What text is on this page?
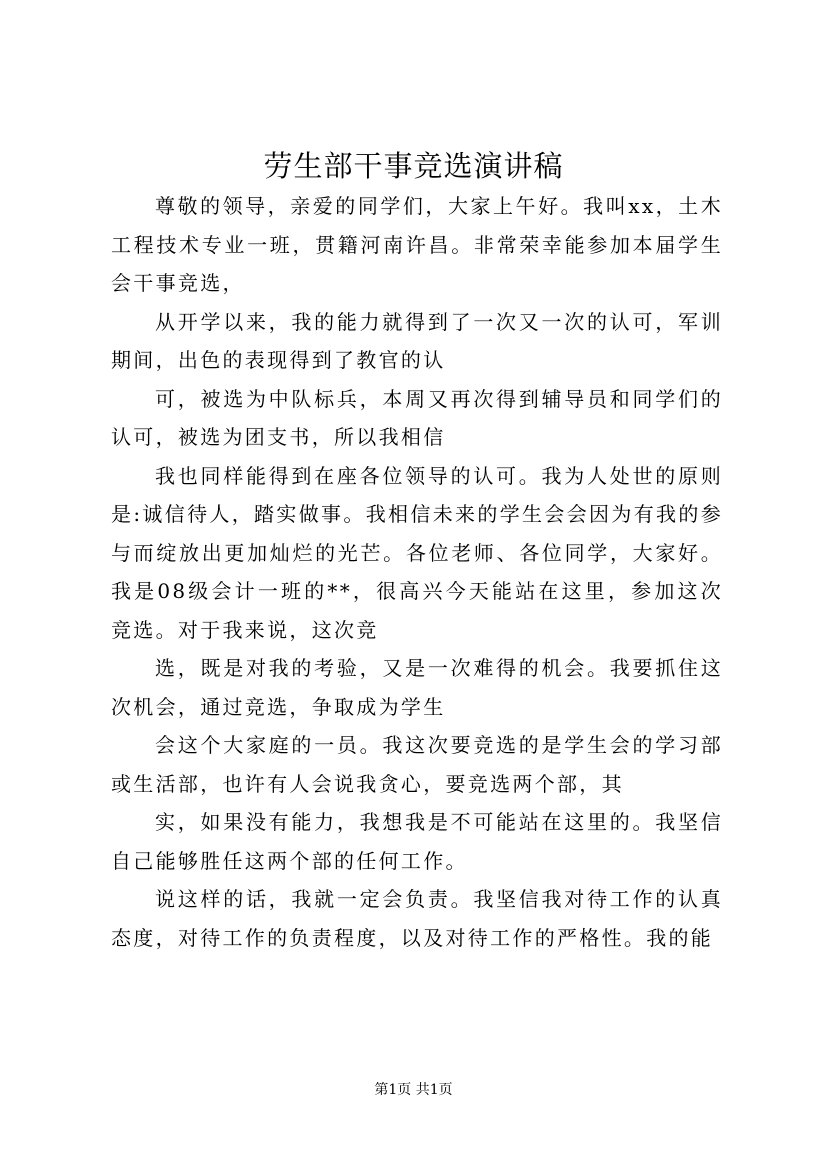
劳生部干事竞选演讲稿

尊敬的领导，亲爱的同学们，大家上午好。我叫xx，土木工程技术专业一班，贯籍河南许昌。非常荣幸能参加本届学生会干事竞选，

从开学以来，我的能力就得到了一次又一次的认可，军训期间，出色的表现得到了教官的认

可，被选为中队标兵，本周又再次得到辅导员和同学们的认可，被选为团支书，所以我相信

我也同样能得到在座各位领导的认可。我为人处世的原则是:诚信待人，踏实做事。我相信未来的学生会会因为有我的参与而绽放出更加灿烂的光芒。各位老师、各位同学，大家好。我是08级会计一班的**，很高兴今天能站在这里，参加这次竞选。对于我来说，这次竞

选，既是对我的考验，又是一次难得的机会。我要抓住这次机会，通过竞选，争取成为学生

会这个大家庭的一员。我这次要竞选的是学生会的学习部或生活部，也许有人会说我贪心，要竞选两个部，其

实，如果没有能力，我想我是不可能站在这里的。我坚信自己能够胜任这两个部的任何工作。

说这样的话，我就一定会负责。我坚信我对待工作的认真态度，对待工作的负责程度，以及对待工作的严格性。我的能

第1页 共1页
